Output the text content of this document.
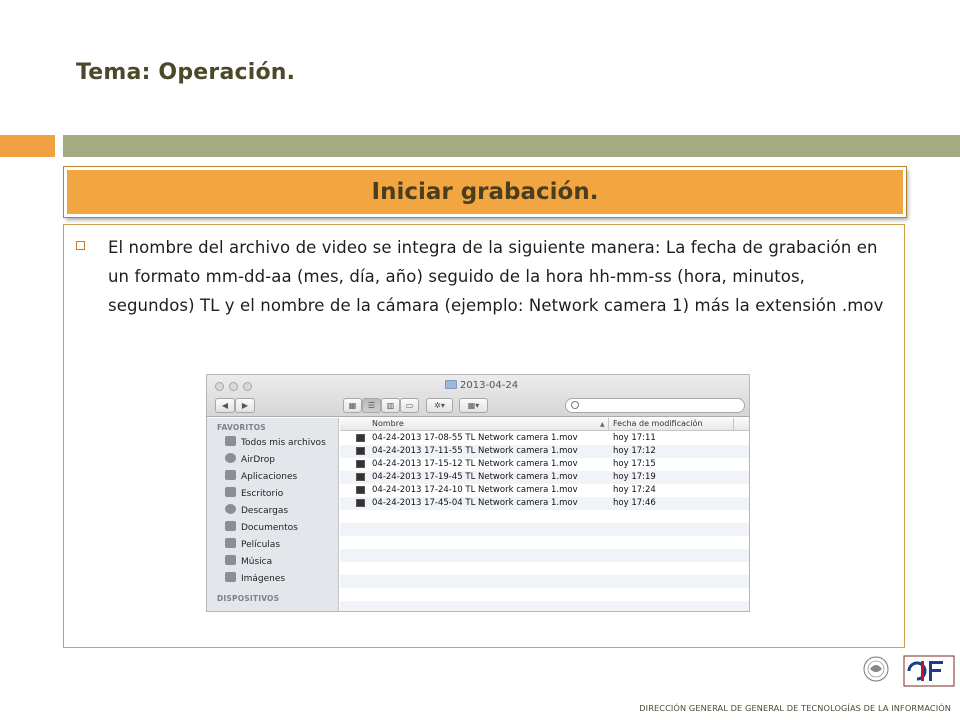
Tema: Operación.
Iniciar grabación.

El nombre del archivo de video se integra de la siguiente manera: La fecha de grabación en un formato mm-dd-aa (mes, día, año) seguido de la hora hh-mm-ss (hora, minutos, segundos) TL y el nombre de la cámara (ejemplo: Network camera 1) más la extensión .mov

2013-04-24
◀	▶	▦	☰	▥	▭	✲▾	▦▾
FAVORITOS
Todos mis archivos
AirDrop
Aplicaciones
Escritorio
Descargas
Documentos
Películas
Música
Imágenes
DISPOSITIVOS
Nombre	▲ Fecha de modificación
04-24-2013 17-08-55 TL Network camera 1.mov	hoy 17:11
04-24-2013 17-11-55 TL Network camera 1.mov	hoy 17:12
04-24-2013 17-15-12 TL Network camera 1.mov	hoy 17:15
04-24-2013 17-19-45 TL Network camera 1.mov	hoy 17:19
04-24-2013 17-24-10 TL Network camera 1.mov	hoy 17:24
04-24-2013 17-45-04 TL Network camera 1.mov	hoy 17:46
DIRECCIÓN GENERAL DE GENERAL DE TECNOLOGÍAS DE LA INFORMACIÓN
